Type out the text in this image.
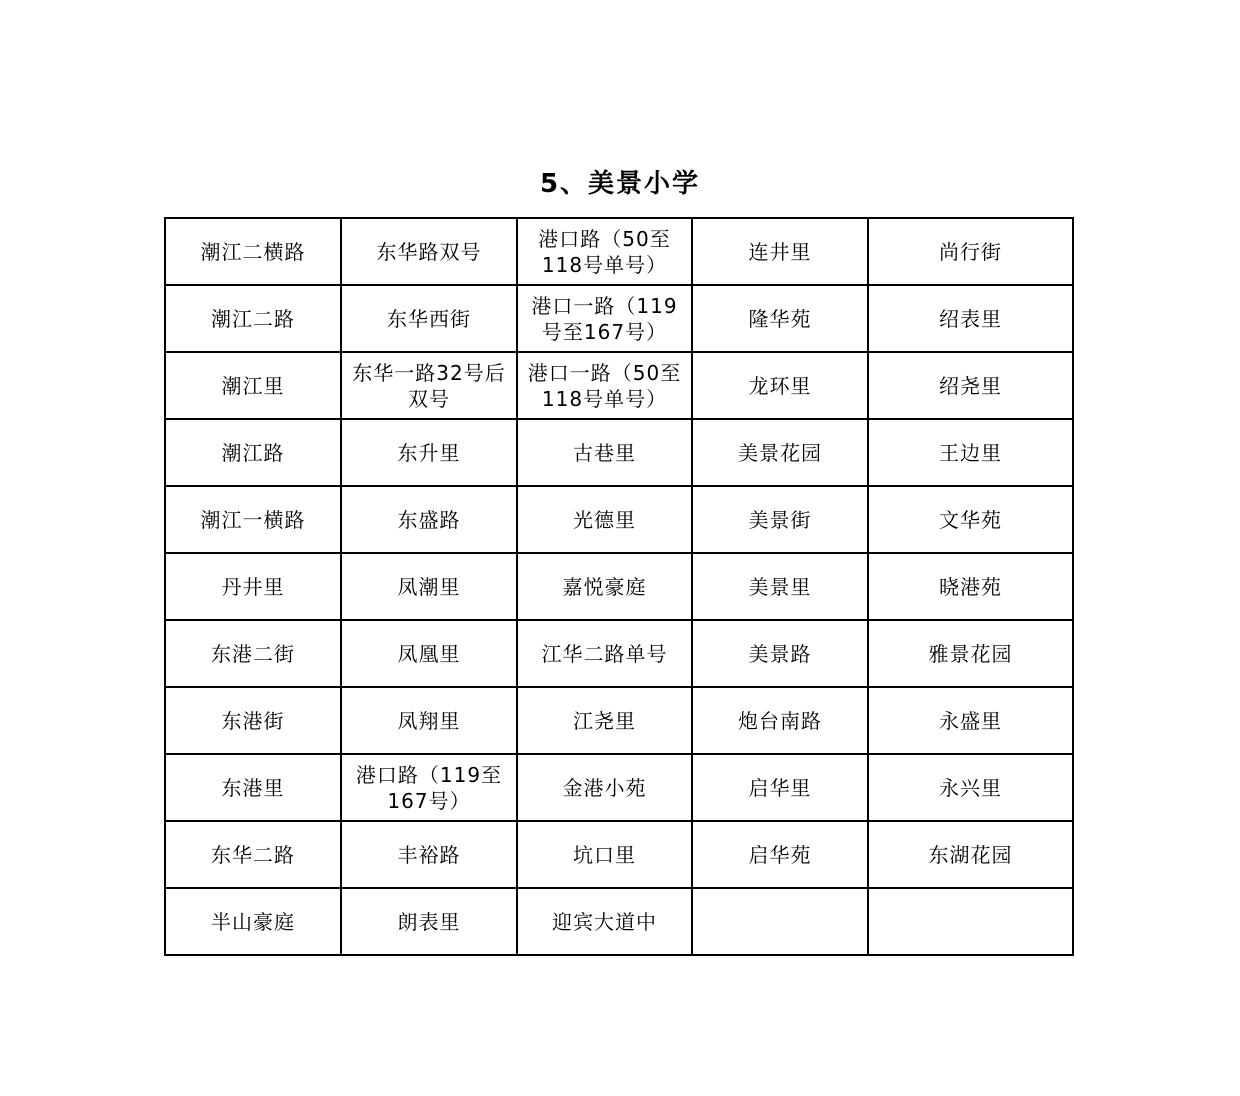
5、美景小学
潮江二横路	东华路双号	港口路（50至118号单号）	连井里	尚行街
潮江二路	东华西街	港口一路（119号至167号）	隆华苑	绍表里
潮江里	东华一路32号后双号	港口一路（50至118号单号）	龙环里	绍尧里
潮江路	东升里	古巷里	美景花园	王边里
潮江一横路	东盛路	光德里	美景街	文华苑
丹井里	凤潮里	嘉悦豪庭	美景里	晓港苑
东港二街	凤凰里	江华二路单号	美景路	雅景花园
东港街	凤翔里	江尧里	炮台南路	永盛里
东港里	港口路（119至167号）	金港小苑	启华里	永兴里
东华二路	丰裕路	坑口里	启华苑	东湖花园
半山豪庭	朗表里	迎宾大道中		
